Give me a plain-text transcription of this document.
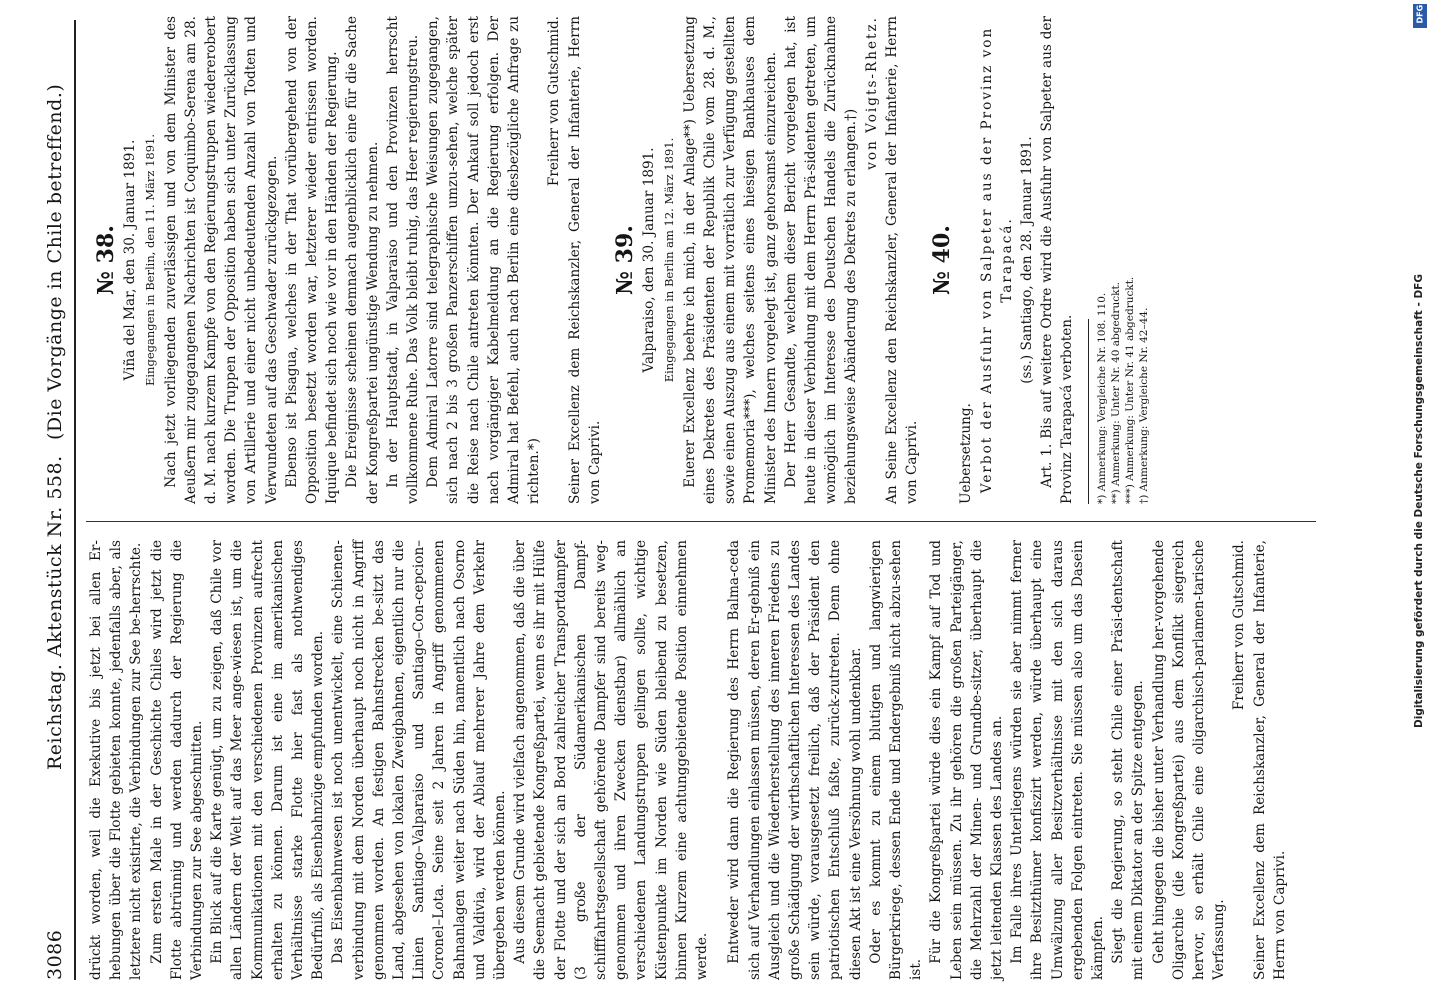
3086
Reichstag. Aktenstück Nr. 558.
(Die Vorgänge in Chile betreffend.)

drückt worden, weil die Exekutive bis jetzt bei allen Er-hebungen über die Flotte gebieten konnte, jedenfalls aber, als letztere nicht existirte, die Verbindungen zur See be-herrschte. Zum ersten Male in der Geschichte Chiles wird jetzt die Flotte abtrünnig und werden dadurch der Regierung die Verbindungen zur See abgeschnitten. Ein Blick auf die Karte genügt, um zu zeigen, daß Chile vor allen Ländern der Welt auf das Meer ange-wiesen ist, um die Kommunikationen mit den verschiedenen Provinzen aufrecht erhalten zu können. Darum ist eine im amerikanischen Verhältnisse starke Flotte hier fast als nothwendiges Bedürfniß, als Eisenbahnzüge empfunden worden. Das Eisenbahnwesen ist noch unentwickelt, eine Schienen-verbindung mit dem Norden überhaupt noch nicht in Angriff genommen worden. An festigen Bahnstrecken be-sitzt das Land, abgesehen von lokalen Zweigbahnen, eigentlich nur die Linien Santiago–Valparaiso und Santiago–Con-cepcion–Coronel–Lota. Seine seit 2 Jahren in Angriff genommenen Bahnanlagen weiter nach Süden hin, namentlich nach Osorno und Valdivia, wird der Ablauf mehrerer Jahre dem Verkehr übergeben werden können. Aus diesem Grunde wird vielfach angenommen, daß die über die Seemacht gebietende Kongreßpartei, wenn es ihr mit Hülfe der Flotte und der sich an Bord zahlreicher Transportdampfer (3 große der Südamerikanischen Dampf-schifffahrtsgesellschaft gehörende Dampfer sind bereits weg-genommen und ihren Zwecken dienstbar) allmählich an verschiedenen Landungstruppen gelingen sollte, wichtige Küstenpunkte im Norden wie Süden bleibend zu besetzen, binnen Kurzem eine achtunggebietende Position einnehmen werde. Entweder wird dann die Regierung des Herrn Balma-ceda sich auf Verhandlungen einlassen müssen, deren Er-gebniß ein Ausgleich und die Wiederherstellung des inneren Friedens zu große Schädigung der wirthschaftlichen Interessen des Landes sein würde, vorausgesetzt freilich, daß der Präsident den patriotischen Entschluß faßte, zurück-zutreten. Denn ohne diesen Akt ist eine Versöhnung wohl undenkbar. Oder es kommt zu einem blutigen und langwierigen Bürgerkriege, dessen Ende und Endergebniß nicht abzu-sehen ist.

Für die Kongreßpartei würde dies ein Kampf auf Tod und Leben sein müssen. Zu ihr gehören die großen Parteigänger, die Mehrzahl der Minen- und Grundbe-sitzer, überhaupt die jetzt leitenden Klassen des Landes an. Im Falle ihres Unterliegens würden sie aber nimmt ferner ihre Besitzthümer konfiszirt werden, würde überhaupt eine Umwälzung aller Besitzverhältnisse mit den sich daraus ergebenden Folgen eintreten. Sie müssen also um das Dasein kämpfen. Siegt die Regierung, so steht Chile einer Präsi-dentschaft mit einem Diktator an der Spitze entgegen. Geht hingegen die bisher unter Verhandlung her-vorgehende Oligarchie (die Kongreßpartei) aus dem Konflikt siegreich hervor, so erhält Chile eine oligarchisch-parlamen-tarische Verfassung.

Freiherr von Gutschmid. Seiner Excellenz dem Reichskanzler, General der Infanterie, Herrn von Caprivi.

№ 38. Viña del Mar, den 30. Januar 1891. Eingegangen in Berlin, den 11. März 1891. Nach jetzt vorliegenden zuverlässigen und von dem Minister des Aeußern mir zugegangenen Nachrichten ist Coquimbo-Serena am 28. d. M. nach kurzem Kampfe von den Regierungstruppen wiedererobert worden. Die Truppen der Opposition haben sich unter Zurücklassung von Artillerie und einer nicht unbedeutenden Anzahl von Todten und Verwundeten auf das Geschwader zurückgezogen. Ebenso ist Pisagua, welches in der That vorübergehend von der Opposition besetzt worden war, letzterer wieder entrissen worden. Iquique befindet sich noch wie vor in den Händen der Regierung. Die Ereignisse scheinen demnach augenblicklich eine für die Sache der Kongreßpartei ungünstige Wendung zu nehmen. In der Hauptstadt, in Valparaiso und den Provinzen herrscht vollkommene Ruhe. Das Volk bleibt ruhig, das Heer regierungstreu. Dem Admiral Latorre sind telegraphische Weisungen zugegangen, sich nach 2 bis 3 großen Panzerschiffen umzu-sehen, welche später die Reise nach Chile antreten könnten. Der Ankauf soll jedoch erst nach vorgängiger Kabelmeldung an die Regierung erfolgen. Der Admiral hat Befehl, auch nach Berlin eine diesbezügliche Anfrage zu richten.*)

Freiherr von Gutschmid. Seiner Excellenz dem Reichskanzler, General der Infanterie, Herrn von Caprivi.

№ 39. Valparaiso, den 30. Januar 1891. Eingegangen in Berlin am 12. März 1891. Euerer Excellenz beehre ich mich, in der Anlage**) Uebersetzung eines Dekretes des Präsidenten der Republik Chile vom 28. d. M., sowie einen Auszug aus einem mit vorrätlich zur Verfügung gestellten Promemoria***), welches seitens eines hiesigen Bankhauses dem Minister des Innern vorgelegt ist, ganz gehorsamst einzureichen. Der Herr Gesandte, welchem dieser Bericht vorgelegen hat, ist heute in dieser Verbindung mit dem Herrn Prä-sidenten getreten, um womöglich im Interesse des Deutschen Handels die Zurücknahme beziehungsweise Abänderung des Dekrets zu erlangen.†)

von Voigts-Rhetz. An Seine Excellenz den Reichskanzler, General der Infanterie, Herrn von Caprivi.

№ 40.

Uebersetzung. Verbot der Ausfuhr von Salpeter aus der Provinz von Tarapacá. (ss.) Santiago, den 28. Januar 1891. Art. 1. Bis auf weitere Ordre wird die Ausfuhr von Salpeter aus der Provinz Tarapacá verboten. *) Anmerkung: Vergleiche Nr. 108. 110. **) Anmerkung: Unter Nr. 40 abgedruckt. ***) Anmerkung: Unter Nr. 41 abgedruckt. †) Anmerkung: Vergleiche Nr. 42–44.	Digitalisierung gefördert durch die Deutsche Forschungsgemeinschaft - DFG
DFG
